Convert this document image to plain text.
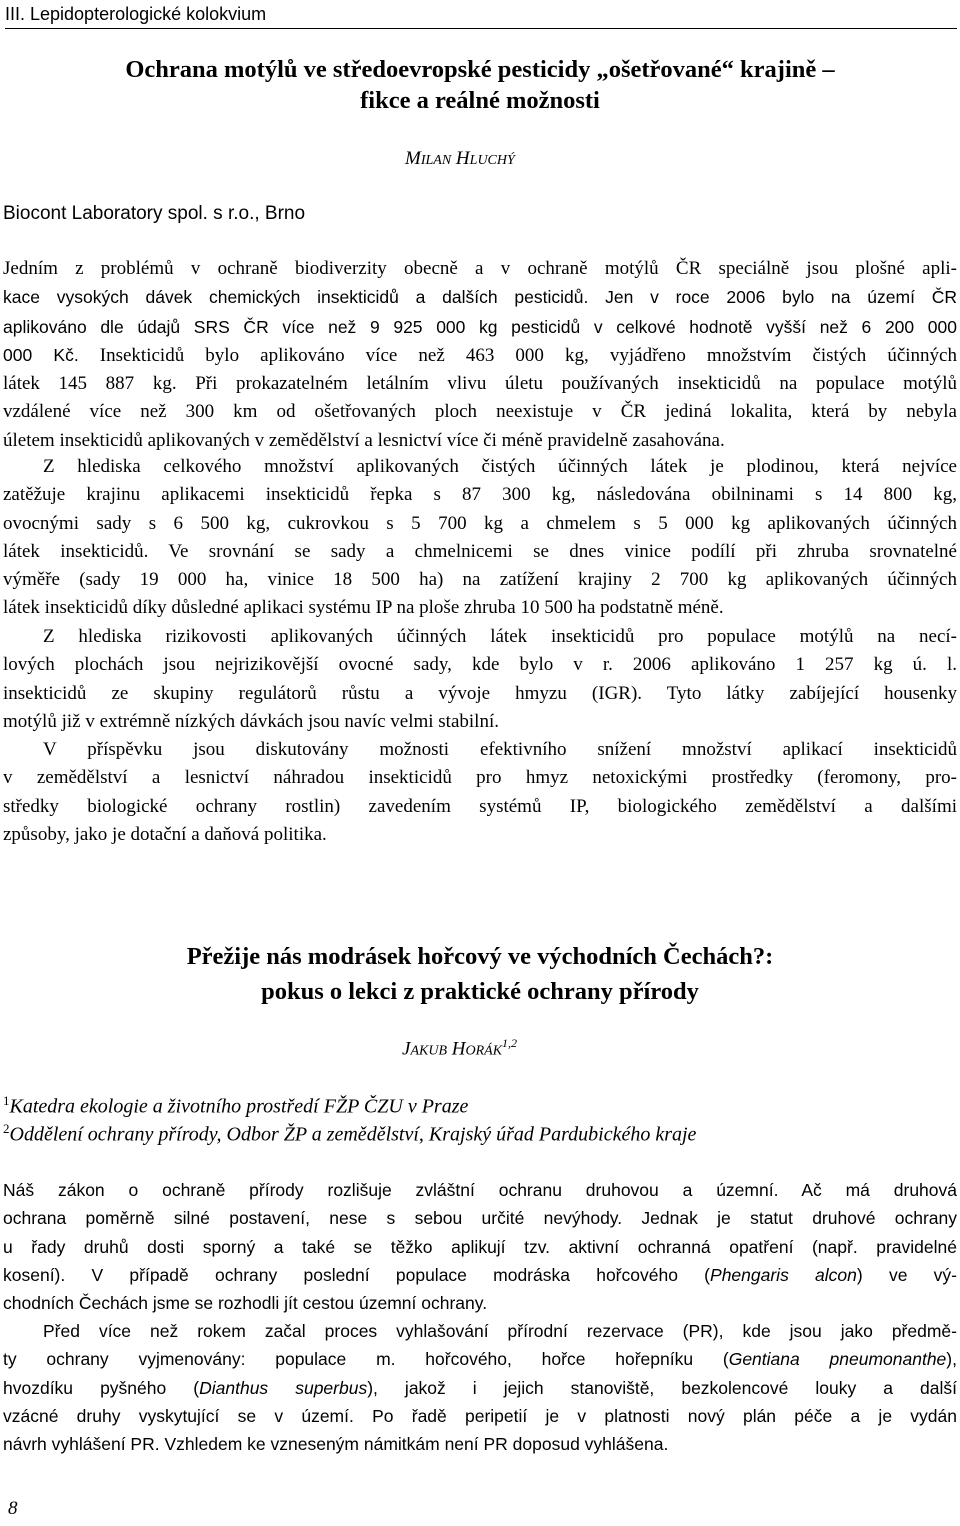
III. Lepidopterologické kolokvium
Ochrana motýlů ve středoevropské pesticidy „ošetřované“ krajině –
fikce a reálné možnosti
MILAN HLUCHÝ
Biocont Laboratory spol. s r.o., Brno
Jedním z problémů v ochraně biodiverzity obecně a v ochraně motýlů ČR speciálně jsou plošné apli-
kace vysokých dávek chemických insekticidů a dalších pesticidů. Jen v roce 2006 bylo na území ČR
aplikováno dle údajů SRS ČR více než 9 925 000 kg pesticidů v celkové hodnotě vyšší než 6 200 000
000 Kč. Insekticidů bylo aplikováno více než 463 000 kg, vyjádřeno množstvím čistých účinných
látek 145 887 kg. Při prokazatelném letálním vlivu úletu používaných insekticidů na populace motýlů
vzdálené více než 300 km od ošetřovaných ploch neexistuje v ČR jediná lokalita, která by nebyla
úletem insekticidů aplikovaných v zemědělství a lesnictví více či méně pravidelně zasahována.
Z hlediska celkového množství aplikovaných čistých účinných látek je plodinou, která nejvíce
zatěžuje krajinu aplikacemi insekticidů řepka s 87 300 kg, následována obilninami s 14 800 kg,
ovocnými sady s 6 500 kg, cukrovkou s 5 700 kg a chmelem s 5 000 kg aplikovaných účinných
látek insekticidů. Ve srovnání se sady a chmelnicemi se dnes vinice podílí při zhruba srovnatelné
výměře (sady 19 000 ha, vinice 18 500 ha) na zatížení krajiny 2 700 kg aplikovaných účinných
látek insekticidů díky důsledné aplikaci systému IP na ploše zhruba 10 500 ha podstatně méně.
Z hlediska rizikovosti aplikovaných účinných látek insekticidů pro populace motýlů na necí-
lových plochách jsou nejrizikovější ovocné sady, kde bylo v r. 2006 aplikováno 1 257 kg ú. l.
insekticidů ze skupiny regulátorů růstu a vývoje hmyzu (IGR). Tyto látky zabíjející housenky
motýlů již v extrémně nízkých dávkách jsou navíc velmi stabilní.
V příspěvku jsou diskutovány možnosti efektivního snížení množství aplikací insekticidů
v zemědělství a lesnictví náhradou insekticidů pro hmyz netoxickými prostředky (feromony, pro-
středky biologické ochrany rostlin) zavedením systémů IP, biologického zemědělství a dalšími
způsoby, jako je dotační a daňová politika.
Přežije nás modrásek hořcový ve východních Čechách?:
pokus o lekci z praktické ochrany přírody
JAKUB HORÁK$^{1,2}$
$^1$Katedra ekologie a životního prostředí FŽP ČZU v Praze
$^2$Oddělení ochrany přírody, Odbor ŽP a zemědělství, Krajský úřad Pardubického kraje
Náš zákon o ochraně přírody rozlišuje zvláštní ochranu druhovou a územní. Ač má druhová
ochrana poměrně silné postavení, nese s sebou určité nevýhody. Jednak je statut druhové ochrany
u řady druhů dosti sporný a také se těžko aplikují tzv. aktivní ochranná opatření (např. pravidelné
kosení). V případě ochrany poslední populace modráska hořcového (Phengaris alcon) ve vý-
chodních Čechách jsme se rozhodli jít cestou územní ochrany.
Před více než rokem začal proces vyhlašování přírodní rezervace (PR), kde jsou jako předmě-
ty ochrany vyjmenovány: populace m. hořcového, hořce hořepníku (Gentiana pneumonanthe),
hvozdíku pyšného (Dianthus superbus), jakož i jejich stanoviště, bezkolencové louky a další
vzácné druhy vyskytující se v území. Po řadě peripetií je v platnosti nový plán péče a je vydán
návrh vyhlášení PR. Vzhledem ke vzneseným námitkám není PR doposud vyhlášena.
8
